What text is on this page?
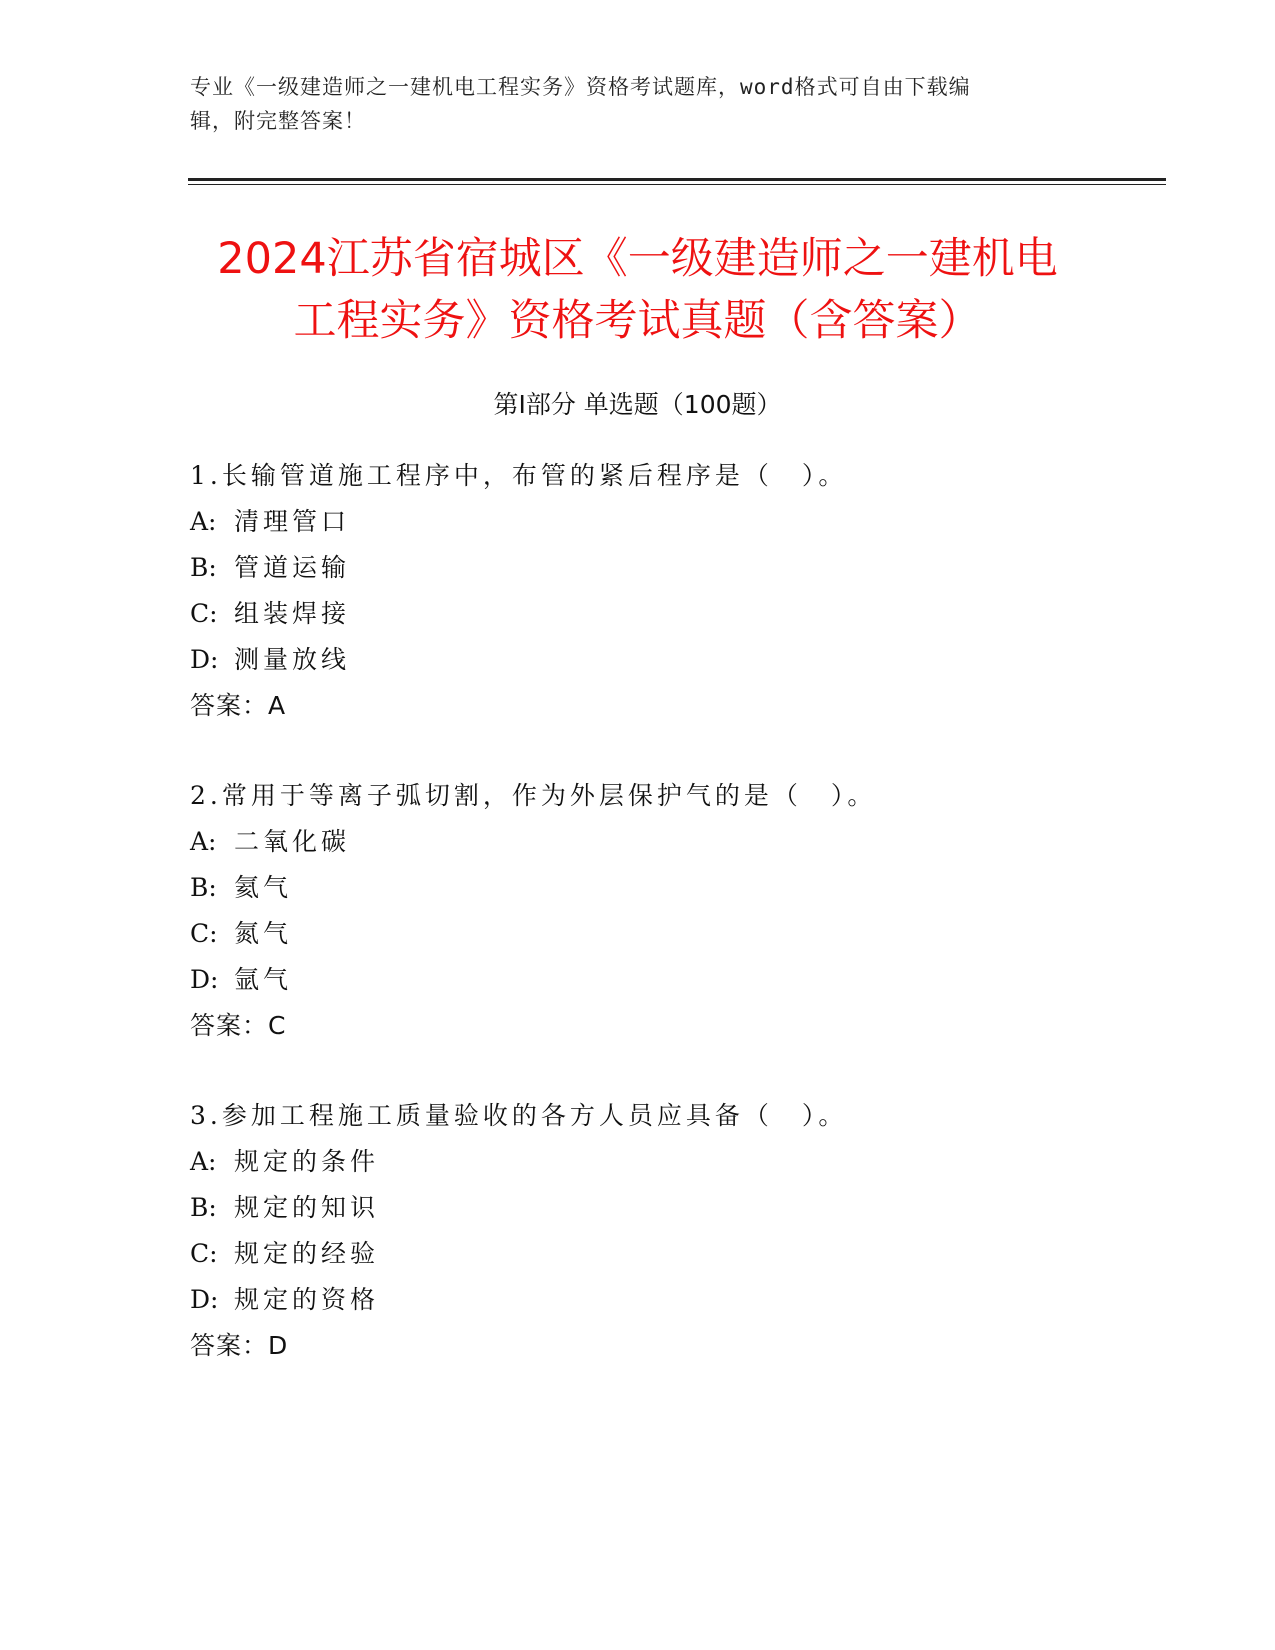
专业《一级建造师之一建机电工程实务》资格考试题库，word格式可自由下载编
辑，附完整答案！
2024江苏省宿城区《一级建造师之一建机电
工程实务》资格考试真题（含答案）
第Ⅰ部分 单选题（100题）
1.长输管道施工程序中，布管的紧后程序是（　）。
A: 清理管口
B: 管道运输
C: 组装焊接
D: 测量放线
答案：A
2.常用于等离子弧切割，作为外层保护气的是（　）。
A: 二氧化碳
B: 氦气
C: 氮气
D: 氩气
答案：C
3.参加工程施工质量验收的各方人员应具备（　）。
A: 规定的条件
B: 规定的知识
C: 规定的经验
D: 规定的资格
答案：D
